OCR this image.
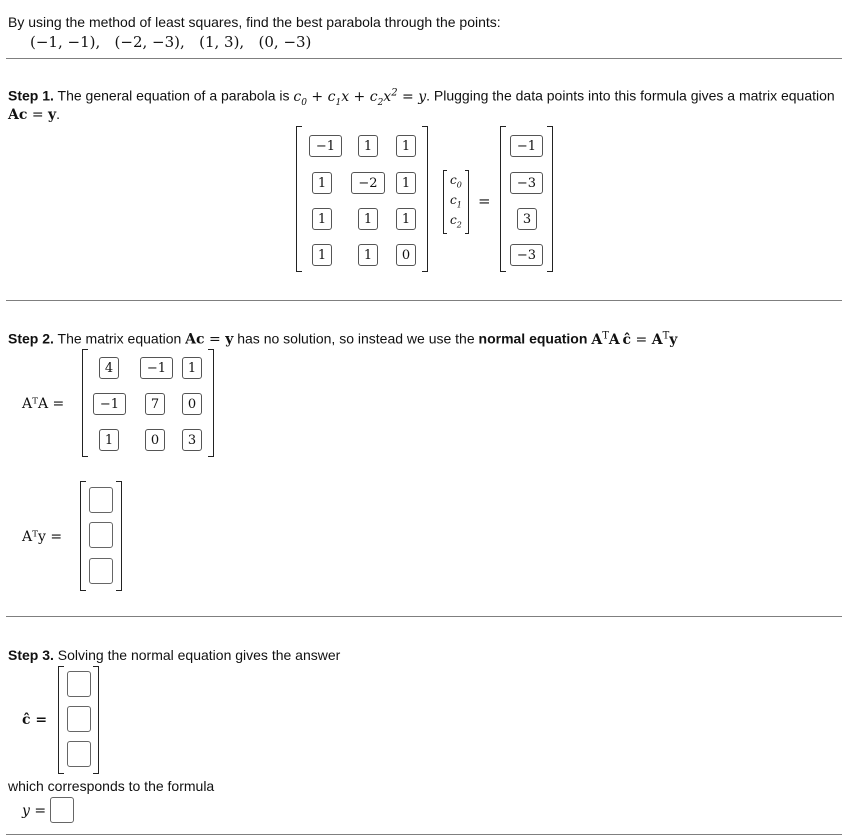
By using the method of least squares, find the best parabola through the points:
(−1, −1), (−2, −3), (1, 3), (0, −3)
Step 1. The general equation of a parabola is $c_0 + c_1x + c_2x^2 = y$. Plugging the data points into this formula gives a matrix equation
Ac = y.
−1	1	1
1	−2	1
1	1	1
1	1	0
$c_0$
$c_1$
$c_2$
=
−1
−3
3
−3
Step 2. The matrix equation Ac = y has no solution, so instead we use the normal equation $A^TA$  ĉ = $A^Ty$
AᵀA =
4	−1	1
−1	7	0
1	0	3
Aᵀy =
Step 3. Solving the normal equation gives the answer
ĉ =
which corresponds to the formula
y =
